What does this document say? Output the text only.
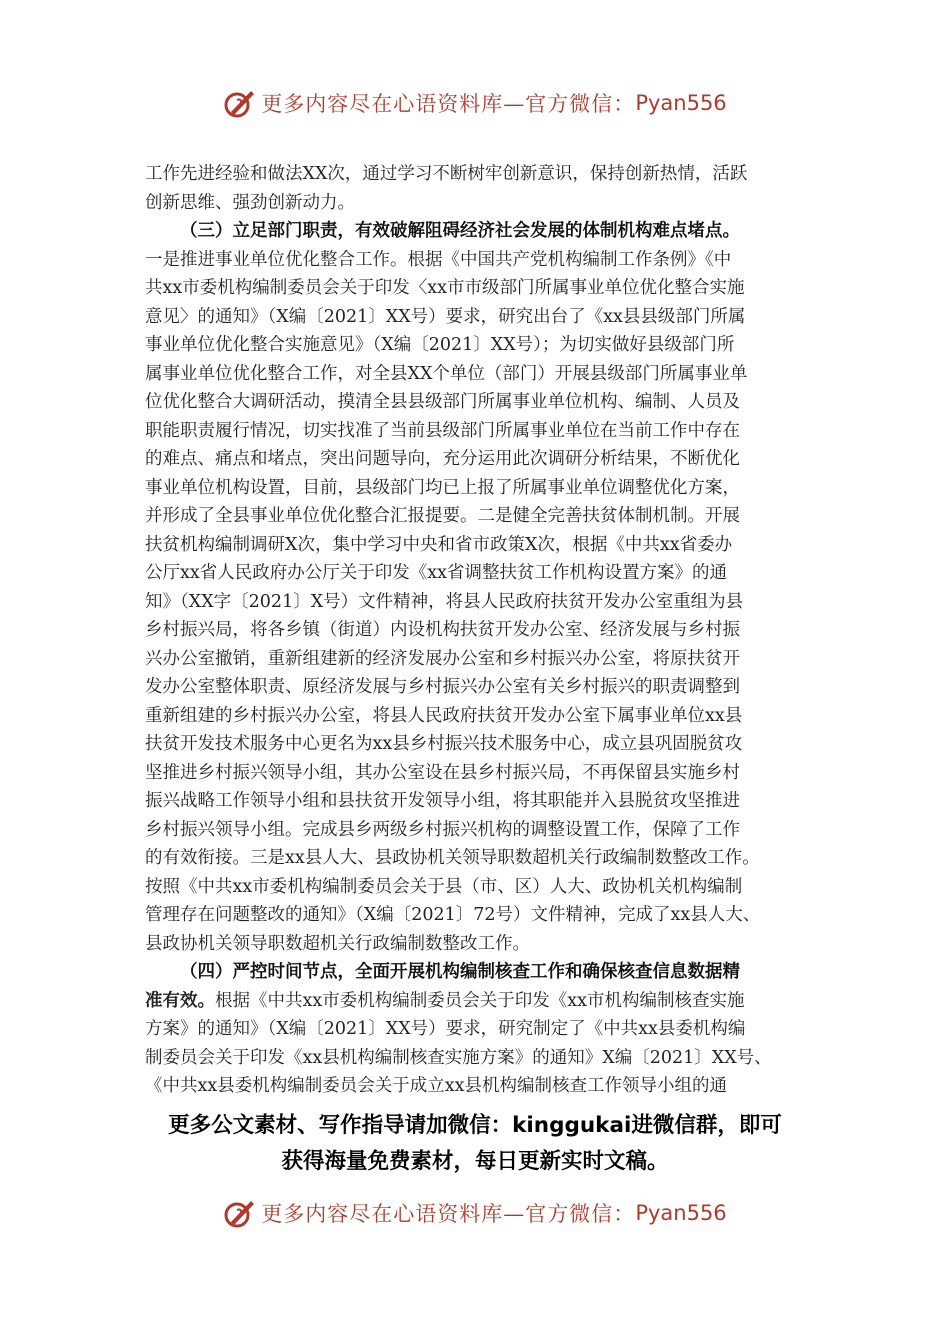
更多内容尽在心语资料库—官方微信： Pyan556
工作先进经验和做法XX次，通过学习不断树牢创新意识，保持创新热情，活跃
创新思维、强劲创新动力。
（三）立足部门职责，有效破解阻碍经济社会发展的体制机构难点堵点。
一是推进事业单位优化整合工作。根据《中国共产党机构编制工作条例》《中
共xx市委机构编制委员会关于印发〈xx市市级部门所属事业单位优化整合实施
意见〉的通知》（X编〔2021〕XX号）要求，研究出台了《xx县县级部门所属
事业单位优化整合实施意见》（X编〔2021〕XX号）；为切实做好县级部门所
属事业单位优化整合工作，对全县XX个单位（部门）开展县级部门所属事业单
位优化整合大调研活动，摸清全县县级部门所属事业单位机构、编制、人员及
职能职责履行情况，切实找准了当前县级部门所属事业单位在当前工作中存在
的难点、痛点和堵点，突出问题导向，充分运用此次调研分析结果，不断优化
事业单位机构设置，目前，县级部门均已上报了所属事业单位调整优化方案，
并形成了全县事业单位优化整合汇报提要。二是健全完善扶贫体制机制。开展
扶贫机构编制调研X次，集中学习中央和省市政策X次，根据《中共xx省委办
公厅xx省人民政府办公厅关于印发《xx省调整扶贫工作机构设置方案》的通
知》（XX字〔2021〕X号）文件精神，将县人民政府扶贫开发办公室重组为县
乡村振兴局，将各乡镇（街道）内设机构扶贫开发办公室、经济发展与乡村振
兴办公室撤销，重新组建新的经济发展办公室和乡村振兴办公室，将原扶贫开
发办公室整体职责、原经济发展与乡村振兴办公室有关乡村振兴的职责调整到
重新组建的乡村振兴办公室，将县人民政府扶贫开发办公室下属事业单位xx县
扶贫开发技术服务中心更名为xx县乡村振兴技术服务中心，成立县巩固脱贫攻
坚推进乡村振兴领导小组，其办公室设在县乡村振兴局，不再保留县实施乡村
振兴战略工作领导小组和县扶贫开发领导小组，将其职能并入县脱贫攻坚推进
乡村振兴领导小组。完成县乡两级乡村振兴机构的调整设置工作，保障了工作
的有效衔接。三是xx县人大、县政协机关领导职数超机关行政编制数整改工作。
按照《中共xx市委机构编制委员会关于县（市、区）人大、政协机关机构编制
管理存在问题整改的通知》（X编〔2021〕72号）文件精神，完成了xx县人大、
县政协机关领导职数超机关行政编制数整改工作。
（四）严控时间节点，全面开展机构编制核查工作和确保核查信息数据精
准有效。根据《中共xx市委机构编制委员会关于印发《xx市机构编制核查实施
方案》的通知》（X编〔2021〕XX号）要求，研究制定了《中共xx县委机构编
制委员会关于印发《xx县机构编制核查实施方案》的通知》X编〔2021〕XX号、
《中共xx县委机构编制委员会关于成立xx县机构编制核查工作领导小组的通
更多公文素材、写作指导请加微信：kinggukai进微信群，即可
获得海量免费素材，每日更新实时文稿。
更多内容尽在心语资料库—官方微信： Pyan556
